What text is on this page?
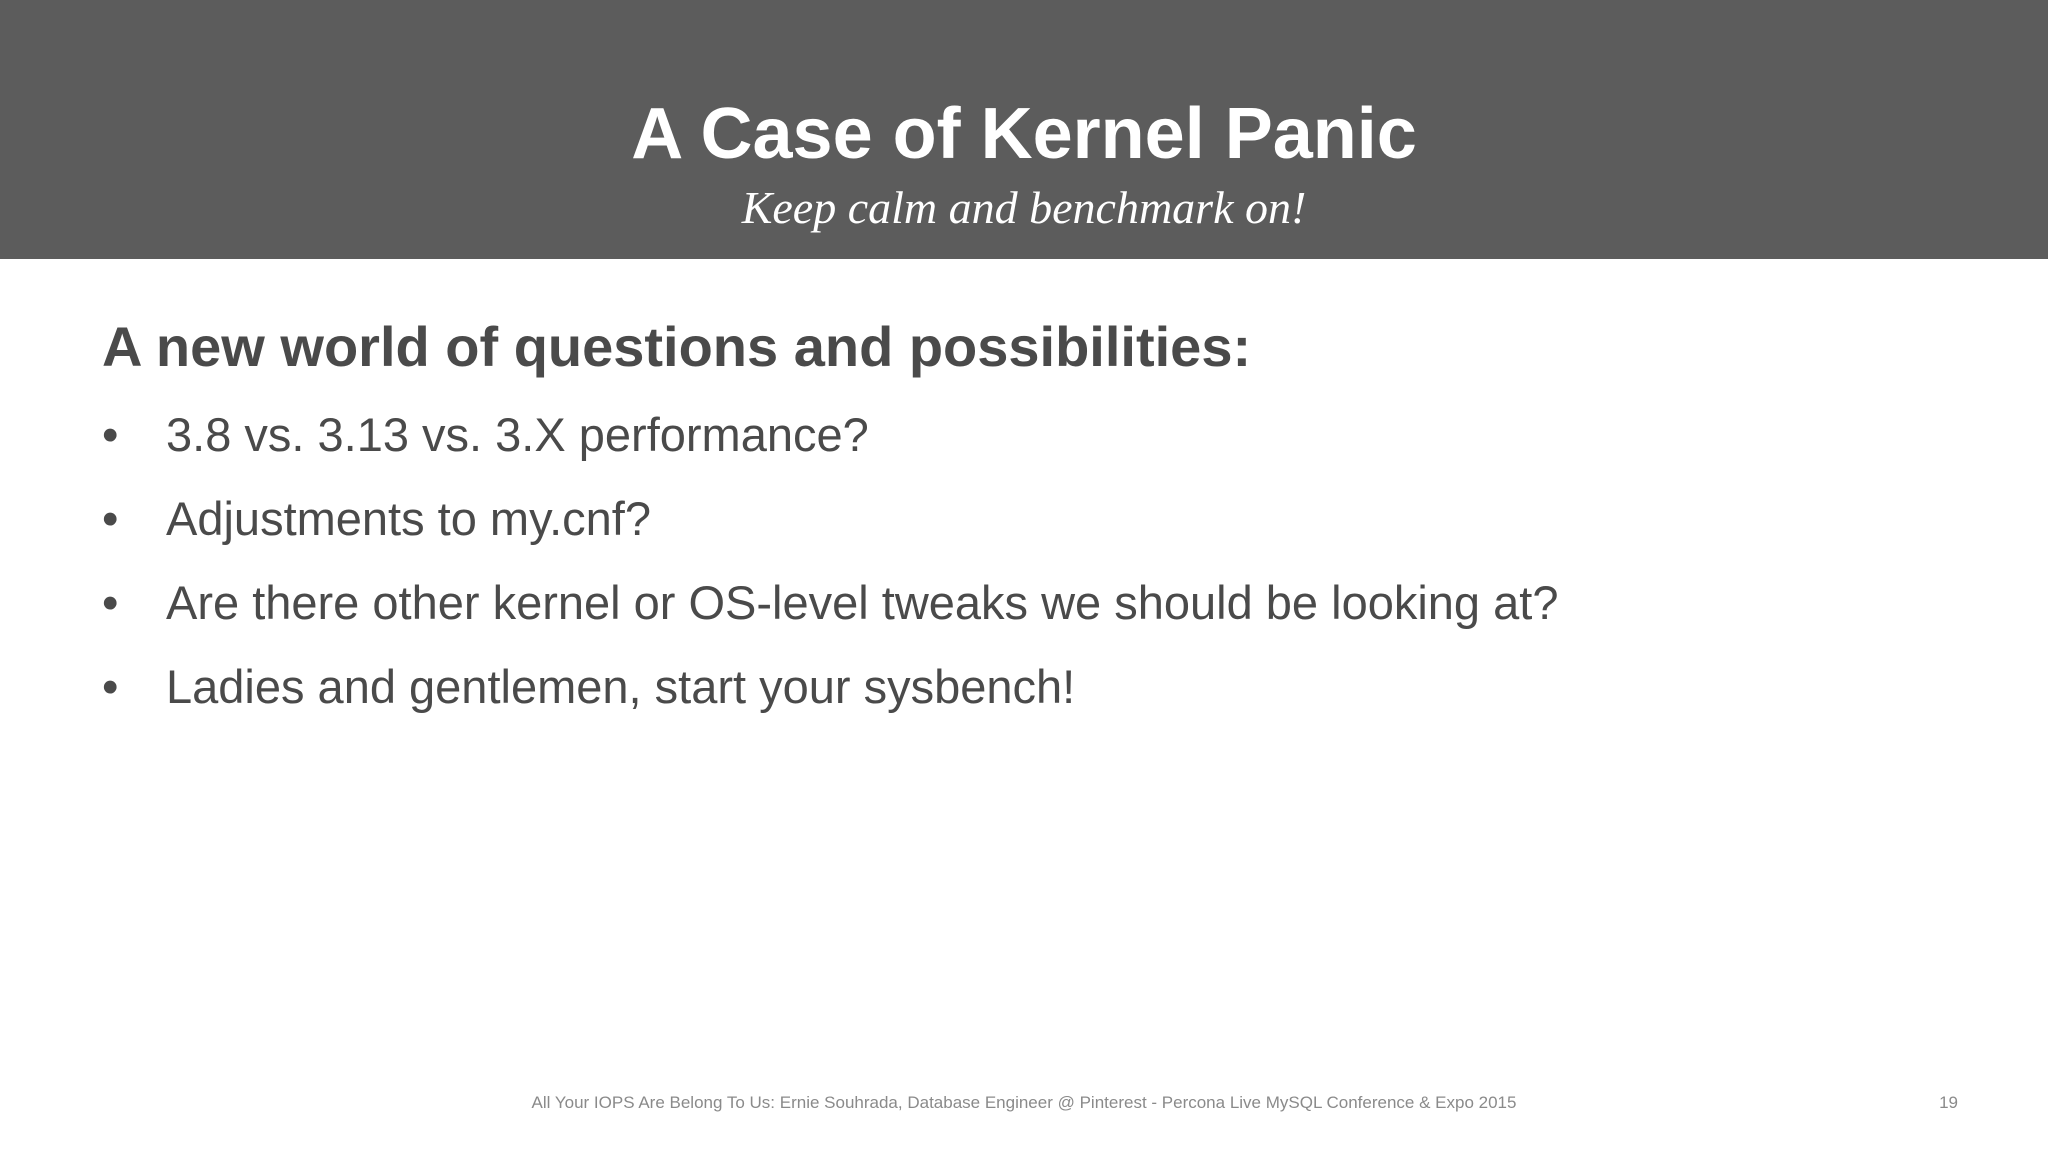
A Case of Kernel Panic
Keep calm and benchmark on!
A new world of questions and possibilities:
• 3.8 vs. 3.13 vs. 3.X performance?
• Adjustments to my.cnf?
• Are there other kernel or OS-level tweaks we should be looking at?
• Ladies and gentlemen, start your sysbench!
All Your IOPS Are Belong To Us: Ernie Souhrada, Database Engineer @ Pinterest - Percona Live MySQL Conference & Expo 2015	19
